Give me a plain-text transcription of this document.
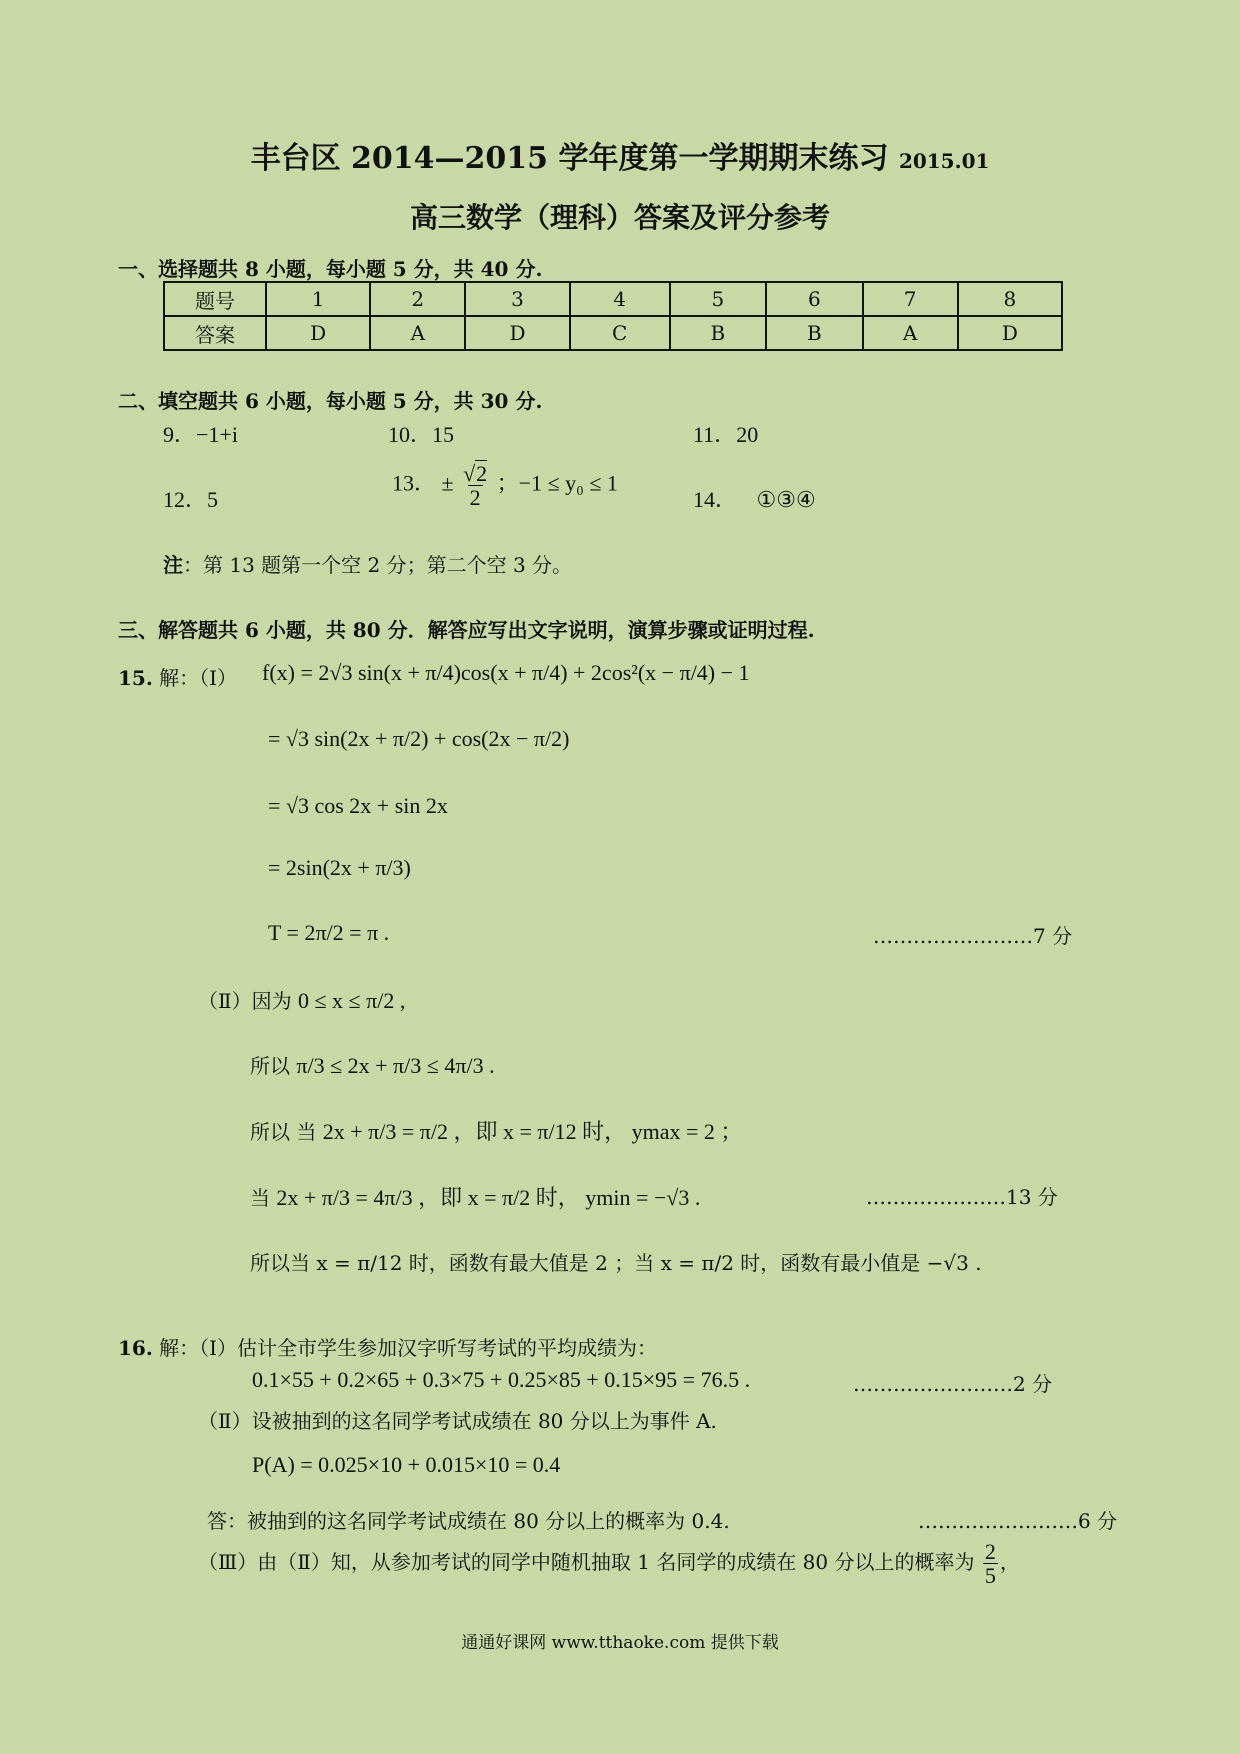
丰台区 2014—2015 学年度第一学期期末练习 2015.01
高三数学（理科）答案及评分参考
一、选择题共 8 小题，每小题 5 分，共 40 分.
题号	1	2	3	4	5	6	7	8
答案	D	A	D	C	B	B	A	D
二、填空题共 6 小题，每小题 5 分，共 30 分.
9．−1+i	10．15	11．20
12．5
13． ± $\frac{√2}{2}$ ；−1 ≤ y₀ ≤ 1
14． ①③④
注：第 13 题第一个空 2 分；第二个空 3 分。
三、解答题共 6 小题，共 80 分．解答应写出文字说明，演算步骤或证明过程.
15. 解：（Ⅰ） f(x) = 2√3 sin(x + π/4)cos(x + π/4) + 2cos²(x − π/4) − 1
= √3 sin(2x + π/2) + cos(2x − π/2)
= √3 cos 2x + sin 2x
= 2sin(2x + π/3)
T = 2π/2 = π .	……………………7 分
（Ⅱ）因为 0 ≤ x ≤ π/2 ,
所以 π/3 ≤ 2x + π/3 ≤ 4π/3 .
所以 当 2x + π/3 = π/2 ，即 x = π/12 时， ymax = 2 ；
当 2x + π/3 = 4π/3 ，即 x = π/2 时， ymin = −√3 .	…………………13 分
所以当 x = π/12 时，函数有最大值是 2 ；当 x = π/2 时，函数有最小值是 −√3 .
16. 解：（Ⅰ）估计全市学生参加汉字听写考试的平均成绩为：
0.1×55 + 0.2×65 + 0.3×75 + 0.25×85 + 0.15×95 = 76.5 .	……………………2 分
（Ⅱ）设被抽到的这名同学考试成绩在 80 分以上为事件 A.
P(A) = 0.025×10 + 0.015×10 = 0.4
答：被抽到的这名同学考试成绩在 80 分以上的概率为 0.4.	……………………6 分
（Ⅲ）由（Ⅱ）知，从参加考试的同学中随机抽取 1 名同学的成绩在 80 分以上的概率为 $\frac{2}{5}$ ，
通通好课网 www.tthaoke.com 提供下载
